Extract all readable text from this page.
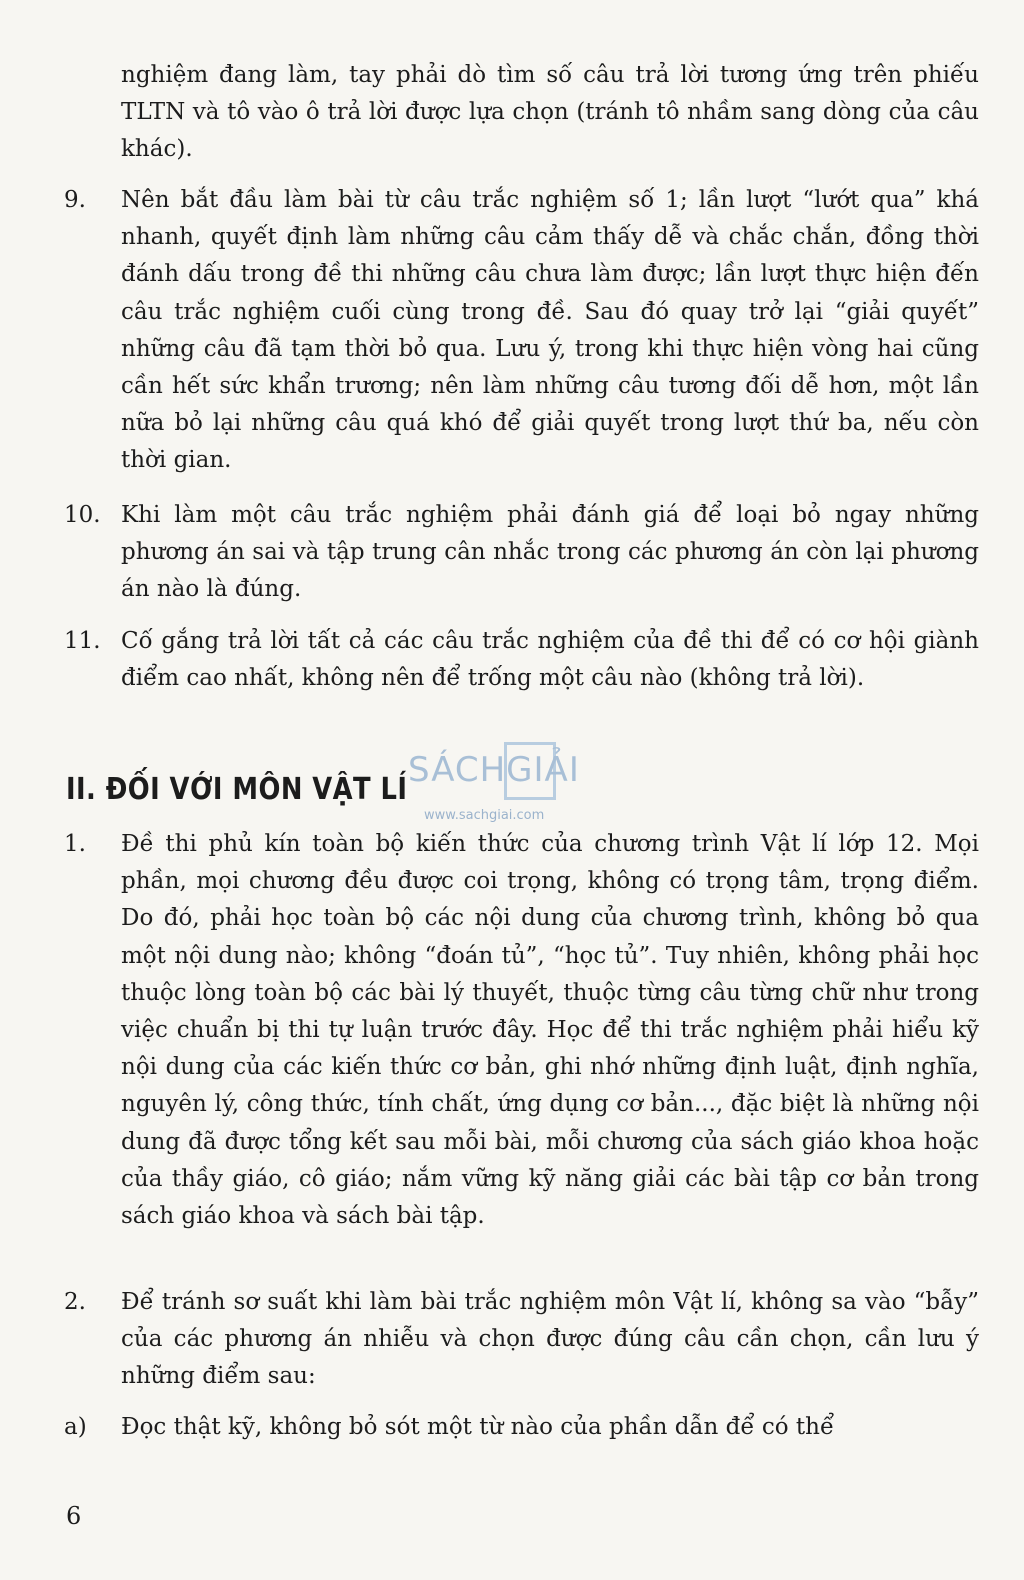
nghiệm đang làm, tay phải dò tìm số câu trả lời tương ứng trên phiếu TLTN và tô vào ô trả lời được lựa chọn (tránh tô nhầm sang dòng của câu khác).

9. Nên bắt đầu làm bài từ câu trắc nghiệm số 1; lần lượt “lướt qua” khá nhanh, quyết định làm những câu cảm thấy dễ và chắc chắn, đồng thời đánh dấu trong đề thi những câu chưa làm được; lần lượt thực hiện đến câu trắc nghiệm cuối cùng trong đề. Sau đó quay trở lại “giải quyết” những câu đã tạm thời bỏ qua. Lưu ý, trong khi thực hiện vòng hai cũng cần hết sức khẩn trương; nên làm những câu tương đối dễ hơn, một lần nữa bỏ lại những câu quá khó để giải quyết trong lượt thứ ba, nếu còn thời gian.

10. Khi làm một câu trắc nghiệm phải đánh giá để loại bỏ ngay những phương án sai và tập trung cân nhắc trong các phương án còn lại phương án nào là đúng.

11. Cố gắng trả lời tất cả các câu trắc nghiệm của đề thi để có cơ hội giành điểm cao nhất, không nên để trống một câu nào (không trả lời).

II. ĐỐI VỚI MÔN VẬT LÍ SÁCHGIẢI
www.sachgiai.com
1. Đề thi phủ kín toàn bộ kiến thức của chương trình Vật lí lớp 12. Mọi phần, mọi chương đều được coi trọng, không có trọng tâm, trọng điểm. Do đó, phải học toàn bộ các nội dung của chương trình, không bỏ qua một nội dung nào; không “đoán tủ”, “học tủ”. Tuy nhiên, không phải học thuộc lòng toàn bộ các bài lý thuyết, thuộc từng câu từng chữ như trong việc chuẩn bị thi tự luận trước đây. Học để thi trắc nghiệm phải hiểu kỹ nội dung của các kiến thức cơ bản, ghi nhớ những định luật, định nghĩa, nguyên lý, công thức, tính chất, ứng dụng cơ bản..., đặc biệt là những nội dung đã được tổng kết sau mỗi bài, mỗi chương của sách giáo khoa hoặc của thầy giáo, cô giáo; nắm vững kỹ năng giải các bài tập cơ bản trong sách giáo khoa và sách bài tập.

2. Để tránh sơ suất khi làm bài trắc nghiệm môn Vật lí, không sa vào “bẫy” của các phương án nhiễu và chọn được đúng câu cần chọn, cần lưu ý những điểm sau:

a) Đọc thật kỹ, không bỏ sót một từ nào của phần dẫn để có thể

6
